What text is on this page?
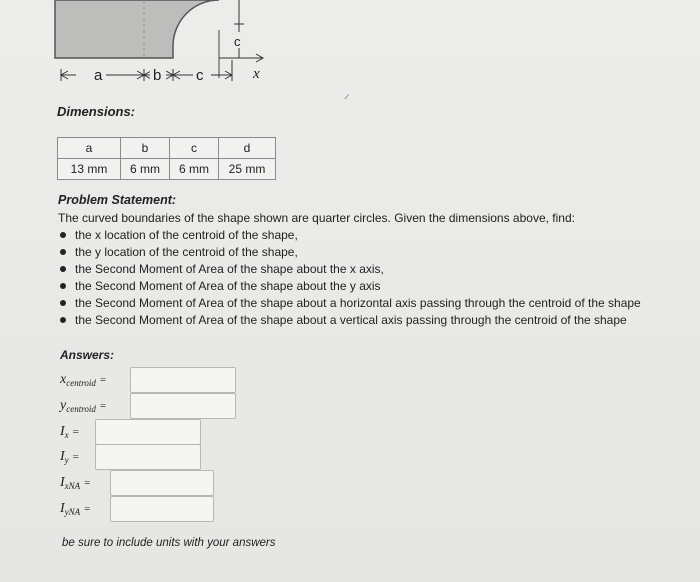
a	b c
c
x
Dimensions:
a	b	c	d
13 mm	6 mm	6 mm	25 mm
Problem Statement:
The curved boundaries of the shape shown are quarter circles. Given the dimensions above, find:
the x location of the centroid of the shape,
the y location of the centroid of the shape,
the Second Moment of Area of the shape about the x axis,
the Second Moment of Area of the shape about the y axis
the Second Moment of Area of the shape about a horizontal axis passing through the centroid of the shape
the Second Moment of Area of the shape about a vertical axis passing through the centroid of the shape
Answers:
$x_{centroid}$ =
$y_{centroid}$ =
$I_x$ =
$I_y$ =
$I_{xNA}$ =
$I_{yNA}$ =
be sure to include units with your answers
